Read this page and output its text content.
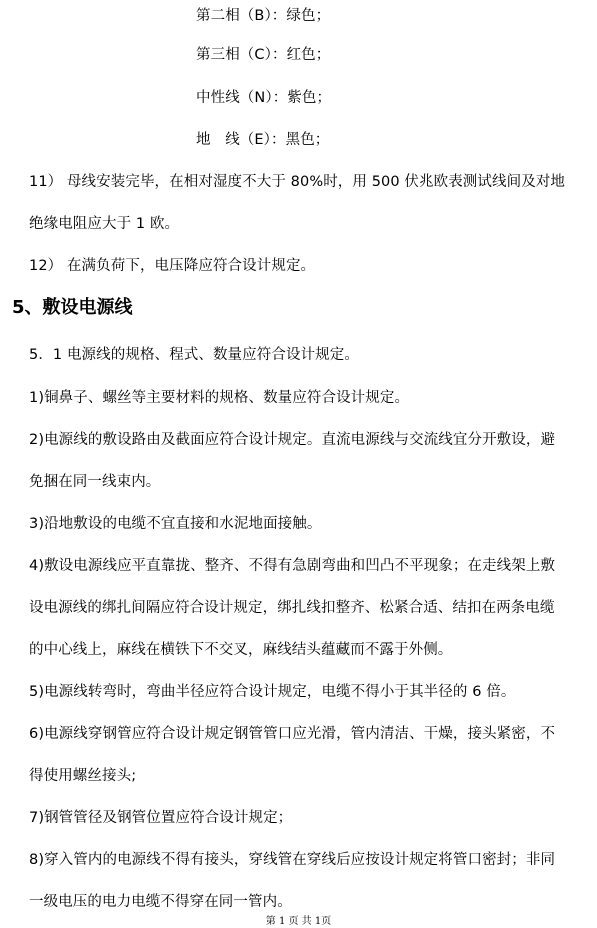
第二相（B）：绿色；
第三相（C）：红色；
中性线（N）：紫色；
地　线（E）：黑色；
11） 母线安装完毕，在相对湿度不大于 80%时，用 500 伏兆欧表测试线间及对地
绝缘电阻应大于 1 欧。
12） 在满负荷下，电压降应符合设计规定。
5、敷设电源线
5．1 电源线的规格、程式、数量应符合设计规定。
1)铜鼻子、螺丝等主要材料的规格、数量应符合设计规定。
2)电源线的敷设路由及截面应符合设计规定。直流电源线与交流线宜分开敷设，避
免捆在同一线束内。
3)沿地敷设的电缆不宜直接和水泥地面接触。
4)敷设电源线应平直靠拢、整齐、不得有急剧弯曲和凹凸不平现象；在走线架上敷
设电源线的绑扎间隔应符合设计规定，绑扎线扣整齐、松紧合适、结扣在两条电缆
的中心线上，麻线在横铁下不交叉，麻线结头蕴藏而不露于外侧。
5)电源线转弯时，弯曲半径应符合设计规定，电缆不得小于其半径的 6 倍。
6)电源线穿钢管应符合设计规定钢管管口应光滑，管内清洁、干燥，接头紧密，不
得使用螺丝接头;
7)钢管管径及钢管位置应符合设计规定；
8)穿入管内的电源线不得有接头，穿线管在穿线后应按设计规定将管口密封；非同
一级电压的电力电缆不得穿在同一管内。
第 1 页 共 1页
